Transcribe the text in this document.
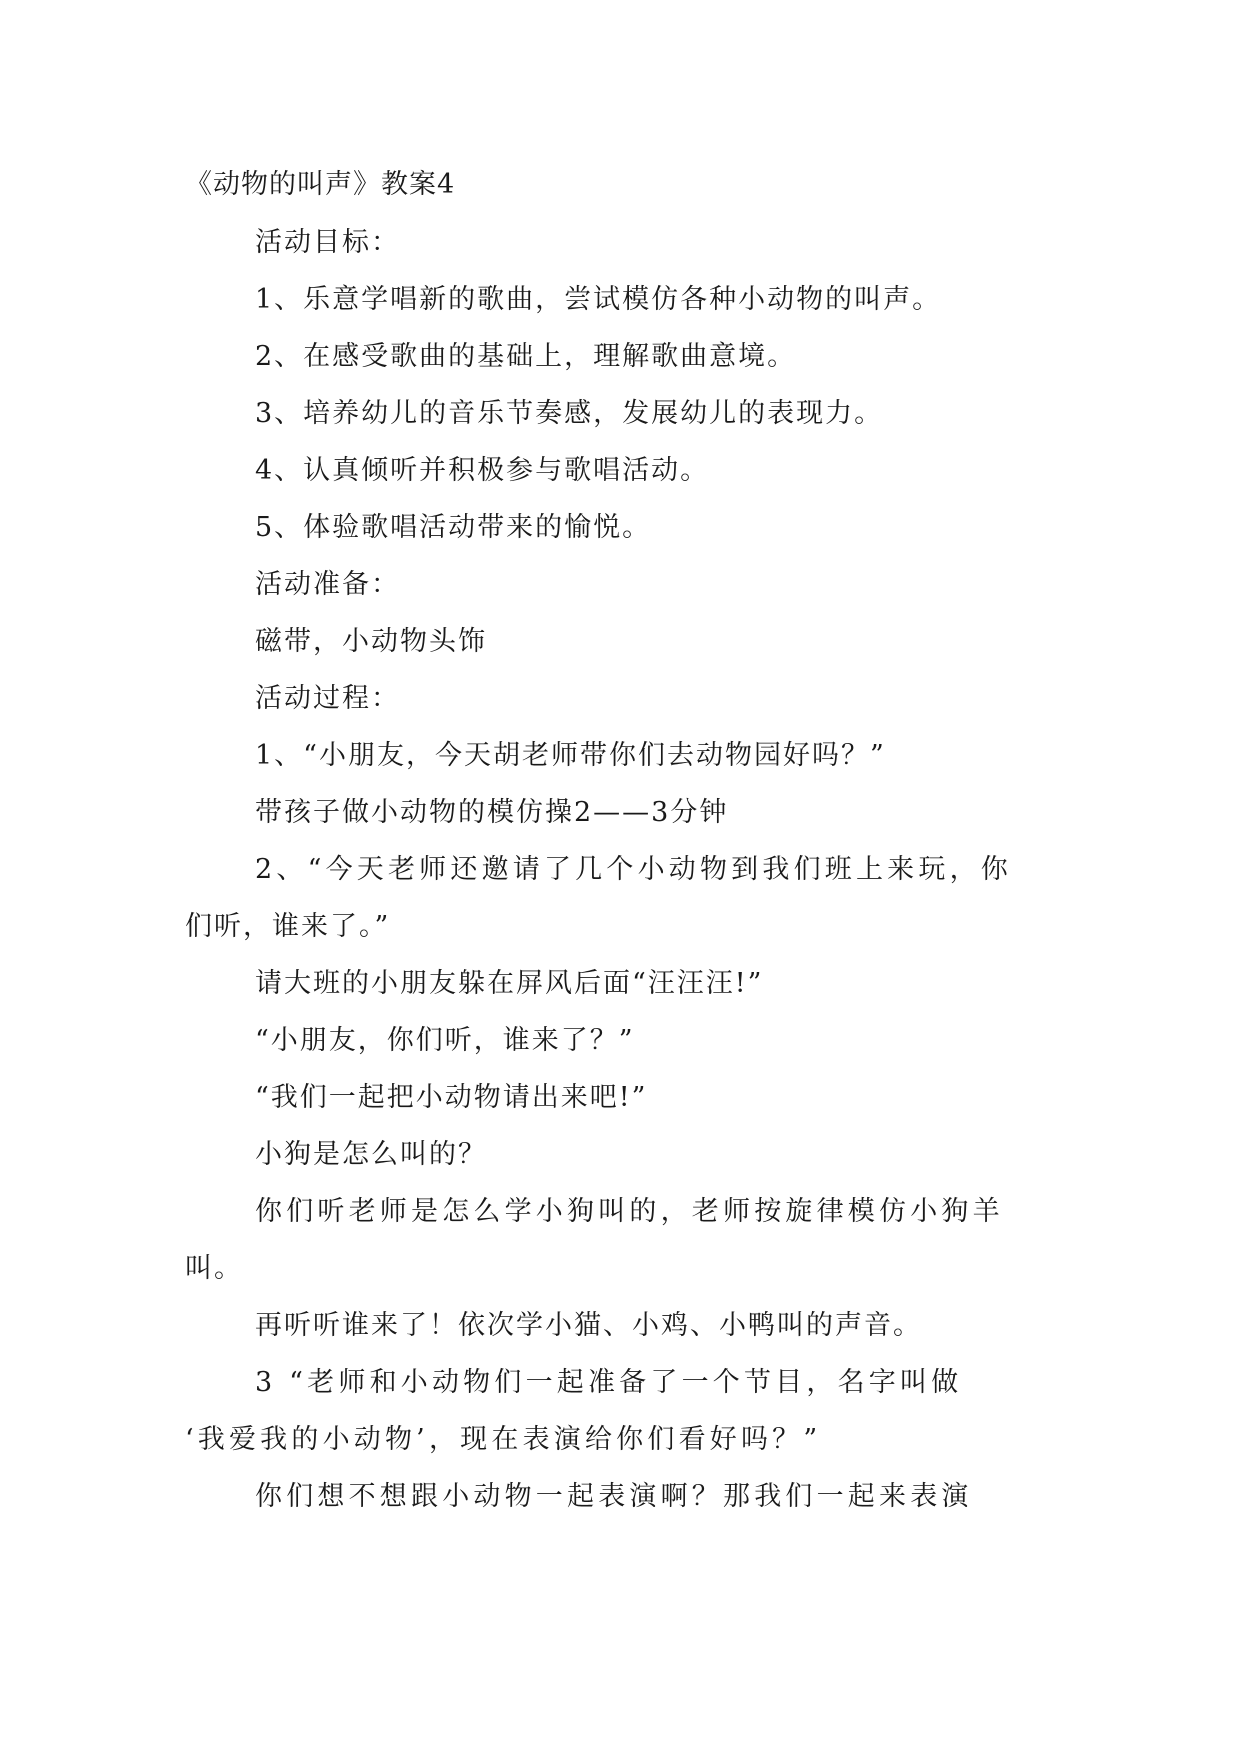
《动物的叫声》教案4
活动目标：
1、乐意学唱新的歌曲，尝试模仿各种小动物的叫声。
2、在感受歌曲的基础上，理解歌曲意境。
3、培养幼儿的音乐节奏感，发展幼儿的表现力。
4、认真倾听并积极参与歌唱活动。
5、体验歌唱活动带来的愉悦。
活动准备：
磁带，小动物头饰
活动过程：
1、“小朋友，今天胡老师带你们去动物园好吗？”
带孩子做小动物的模仿操2——3分钟
2、“今天老师还邀请了几个小动物到我们班上来玩，你
们听，谁来了。”
请大班的小朋友躲在屏风后面“汪汪汪!”
“小朋友，你们听，谁来了？”
“我们一起把小动物请出来吧!”
小狗是怎么叫的？
你们听老师是怎么学小狗叫的，老师按旋律模仿小狗羊
叫。
再听听谁来了！依次学小猫、小鸡、小鸭叫的声音。
3 “老师和小动物们一起准备了一个节目，名字叫做
‘我爱我的小动物’，现在表演给你们看好吗？”
你们想不想跟小动物一起表演啊？那我们一起来表演
